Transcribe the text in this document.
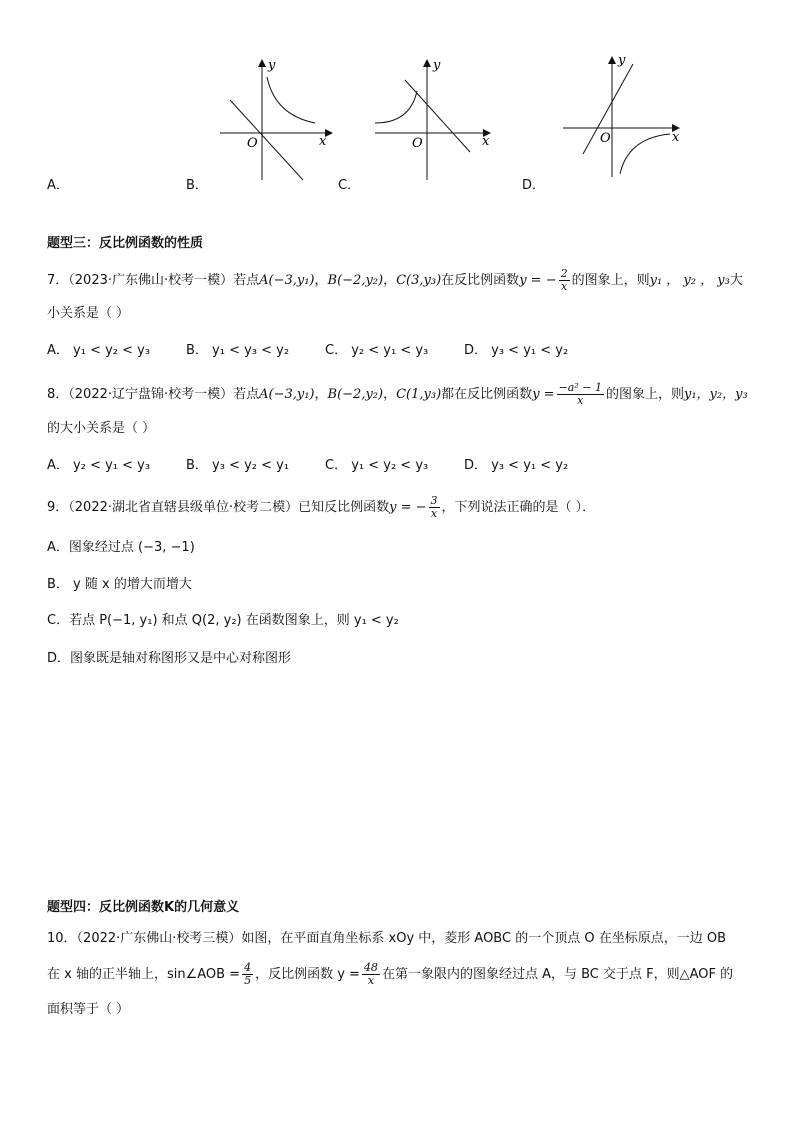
A．	B．	C．	D．
x
y
O	x
y
O	x
y
O
题型三：反比例函数的性质
7．（2023·广东佛山·校考一模）若点A(−3,y₁)，B(−2,y₂)，C(3,y₃)在反比例函数y = − $\frac{2}{x}$ 的图象上，则y₁ ， y₂ ， y₃大
小关系是（ ）
A． y₁ < y₂ < y₃	B． y₁ < y₃ < y₂	C． y₂ < y₁ < y₃	D． y₃ < y₁ < y₂
8．（2022·辽宁盘锦·校考一模）若点A(−3,y₁)，B(−2,y₂)，C(1,y₃)都在反比例函数$y = \frac{\text{−a² − 1}}{x}$ 的图象上，则y₁，y₂，y₃
的大小关系是（ ）
A． y₂ < y₁ < y₃	B． y₃ < y₂ < y₁	C． y₁ < y₂ < y₃	D． y₃ < y₁ < y₂
9．（2022·湖北省直辖县级单位·校考二模）已知反比例函数y = − $\frac{3}{x}$ ，下列说法正确的是（ ）．
A．图象经过点 (−3, −1)
B． y 随 x 的增大而增大
C．若点 P(−1, y₁) 和点 Q(2, y₂) 在函数图象上，则 y₁ < y₂
D．图象既是轴对称图形又是中心对称图形
题型四：反比例函数K的几何意义
10．（2022·广东佛山·校考三模）如图，在平面直角坐标系 xOy 中，菱形 AOBC 的一个顶点 O 在坐标原点，一边 OB
在 x 轴的正半轴上，sin∠AOB = $\frac{4}{5}$ ，反比例函数 $y = \frac{48}{x}$ 在第一象限内的图象经过点 A，与 BC 交于点 F，则△AOF 的
面积等于（ ）
